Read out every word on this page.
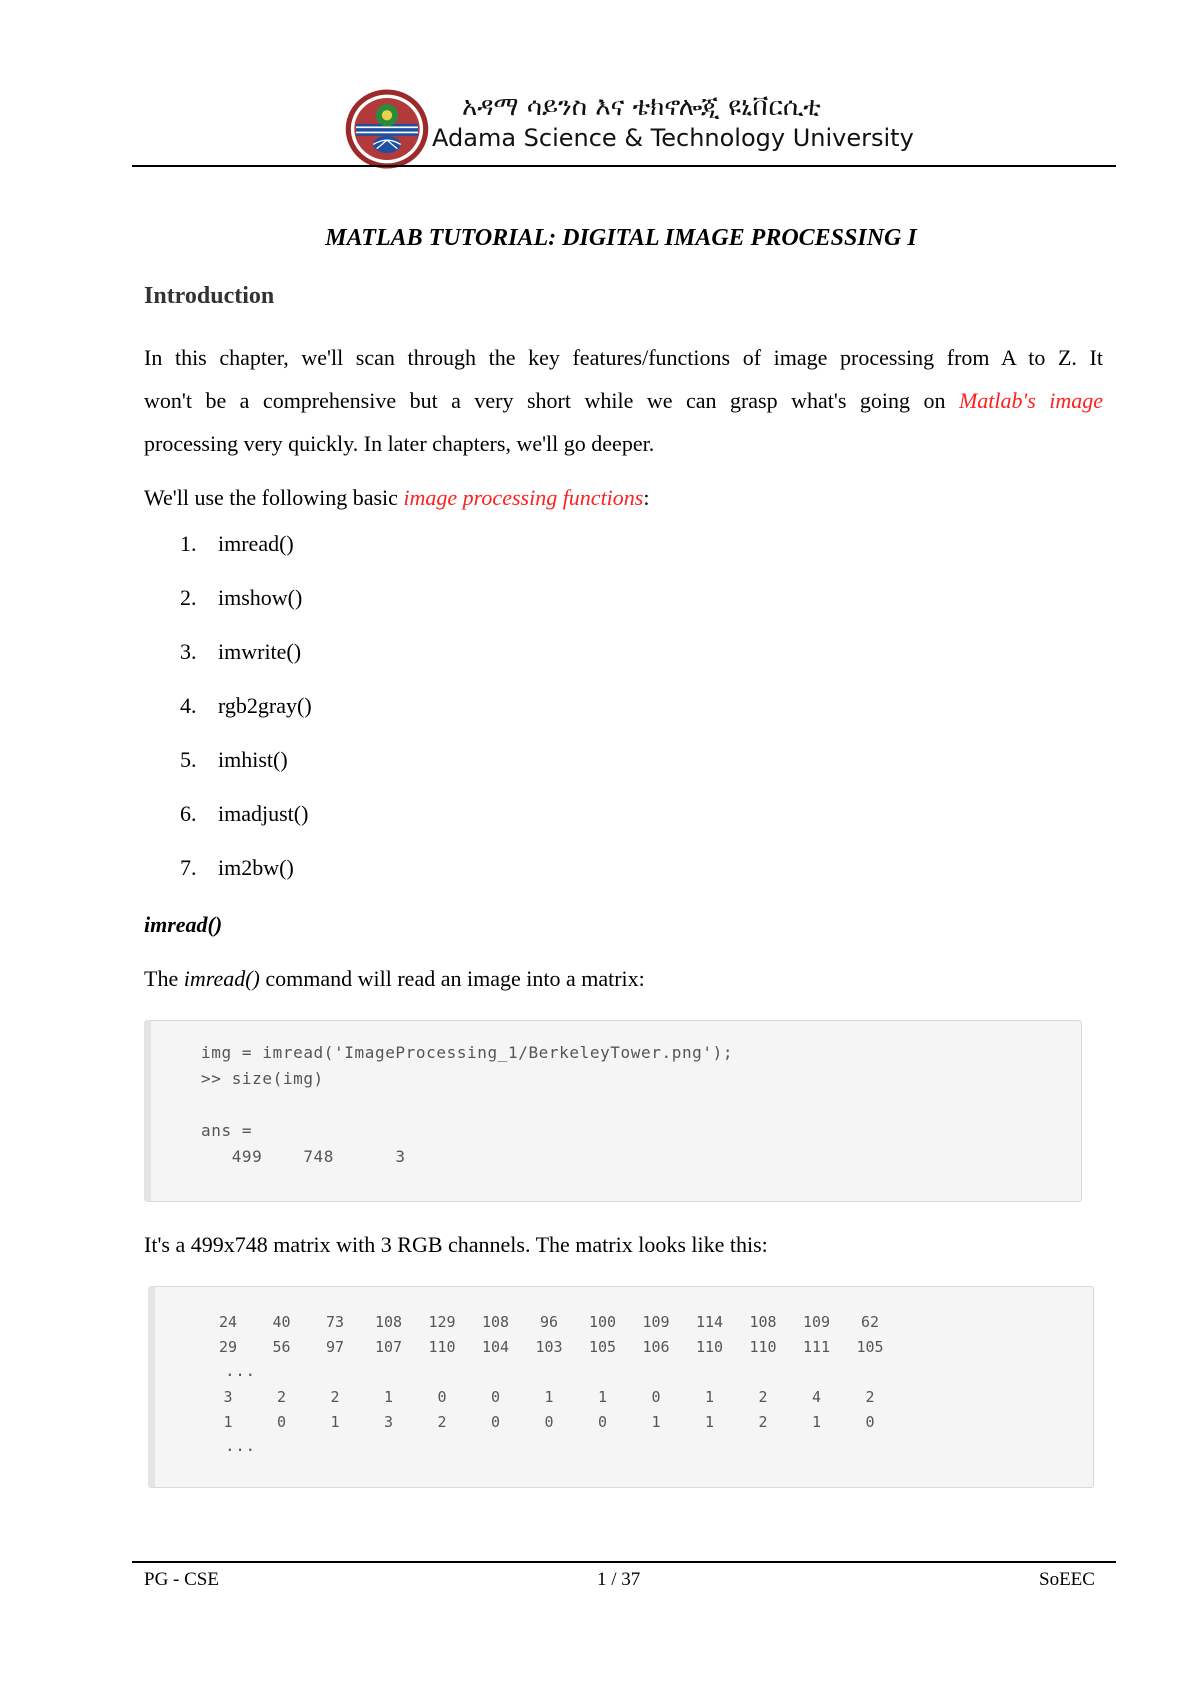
አዳማ ሳይንስ እና ቴክኖሎጂ ዩኒቨርሲቲ
Adama Science & Technology University
MATLAB TUTORIAL: DIGITAL IMAGE PROCESSING I
Introduction
In this chapter, we'll scan through the key features/functions of image processing from A to Z. It
won't be a comprehensive but a very short while we can grasp what's going on Matlab's image
processing very quickly. In later chapters, we'll go deeper.
We'll use the following basic image processing functions:
1. imread()
2. imshow()
3. imwrite()
4. rgb2gray()
5. imhist()
6. imadjust()
7. im2bw()
imread()
The imread() command will read an image into a matrix:
img = imread('ImageProcessing_1/BerkeleyTower.png');
>> size(img)
ans =
499    748      3
It's a 499x748 matrix with 3 RGB channels. The matrix looks like this:
24	40	73	108	129	108	96	100	109	114	108	109	62
29	56	97	107	110	104	103	105	106	110	110	111	105
...
3	2	2	1	0	0	1	1	0	1	2	4	2
1	0	1	3	2	0	0	0	1	1	2	1	0
...
PG - CSE	1 / 37	SoEEC
